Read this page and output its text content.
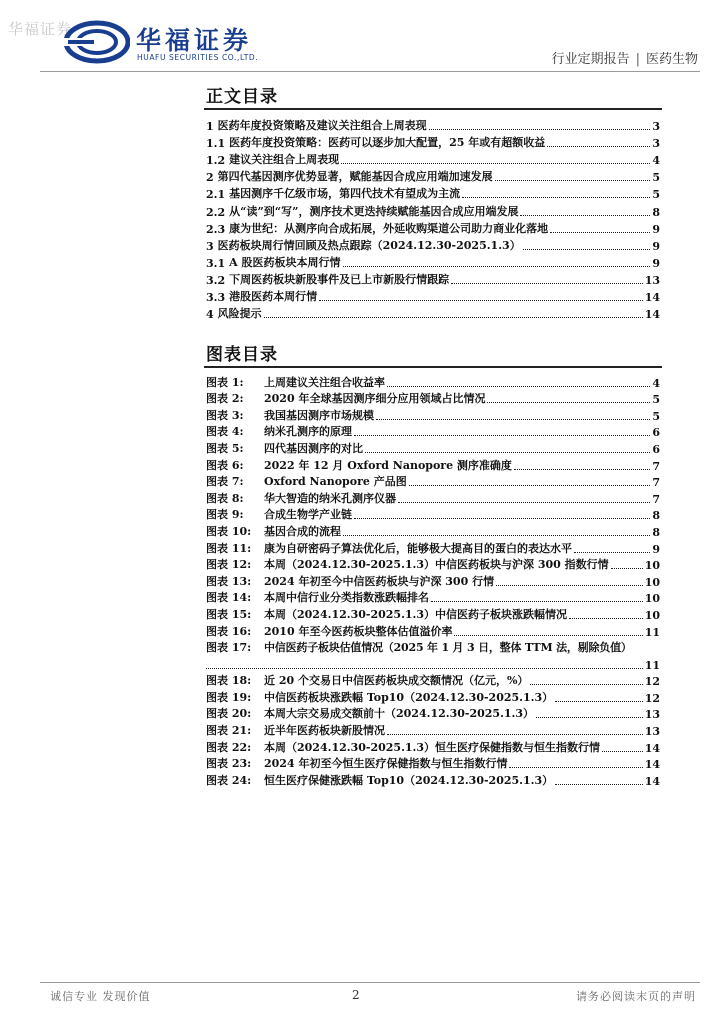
华福证券	华福证券
HUAFU SECURITIES CO.,LTD.	行业定期报告 | 医药生物
正文目录
1 医药年度投资策略及建议关注组合上周表现	3
1.1 医药年度投资策略：医药可以逐步加大配置，25 年或有超额收益	3
1.2 建议关注组合上周表现	4
2 第四代基因测序优势显著，赋能基因合成应用端加速发展	5
2.1 基因测序千亿级市场，第四代技术有望成为主流	5
2.2 从“读”到“写”，测序技术更迭持续赋能基因合成应用端发展	8
2.3 康为世纪：从测序向合成拓展，外延收购渠道公司助力商业化落地	9
3 医药板块周行情回顾及热点跟踪（2024.12.30-2025.1.3）	9
3.1 A 股医药板块本周行情	9
3.2 下周医药板块新股事件及已上市新股行情跟踪	13
3.3 港股医药本周行情	14
4 风险提示	14
图表目录
图表 1:	上周建议关注组合收益率	4
图表 2:	2020 年全球基因测序细分应用领域占比情况	5
图表 3:	我国基因测序市场规模	5
图表 4:	纳米孔测序的原理	6
图表 5:	四代基因测序的对比	6
图表 6:	2022 年 12 月 Oxford Nanopore 测序准确度	7
图表 7:	Oxford Nanopore 产品图	7
图表 8:	华大智造的纳米孔测序仪器	7
图表 9:	合成生物学产业链	8
图表 10:	基因合成的流程	8
图表 11:	康为自研密码子算法优化后，能够极大提高目的蛋白的表达水平	9
图表 12:	本周（2024.12.30-2025.1.3）中信医药板块与沪深 300 指数行情	10
图表 13:	2024 年初至今中信医药板块与沪深 300 行情	10
图表 14:	本周中信行业分类指数涨跌幅排名	10
图表 15:	本周（2024.12.30-2025.1.3）中信医药子板块涨跌幅情况	10
图表 16:	2010 年至今医药板块整体估值溢价率	11
图表 17:	中信医药子板块估值情况（2025 年 1 月 3 日，整体 TTM 法，剔除负值）
11
图表 18:	近 20 个交易日中信医药板块成交额情况（亿元，%）	12
图表 19:	中信医药板块涨跌幅 Top10（2024.12.30-2025.1.3）	12
图表 20:	本周大宗交易成交额前十（2024.12.30-2025.1.3）	13
图表 21:	近半年医药板块新股情况	13
图表 22:	本周（2024.12.30-2025.1.3）恒生医疗保健指数与恒生指数行情	14
图表 23:	2024 年初至今恒生医疗保健指数与恒生指数行情	14
图表 24:	恒生医疗保健涨跌幅 Top10（2024.12.30-2025.1.3）	14
诚信专业 发现价值	2	请务必阅读末页的声明
